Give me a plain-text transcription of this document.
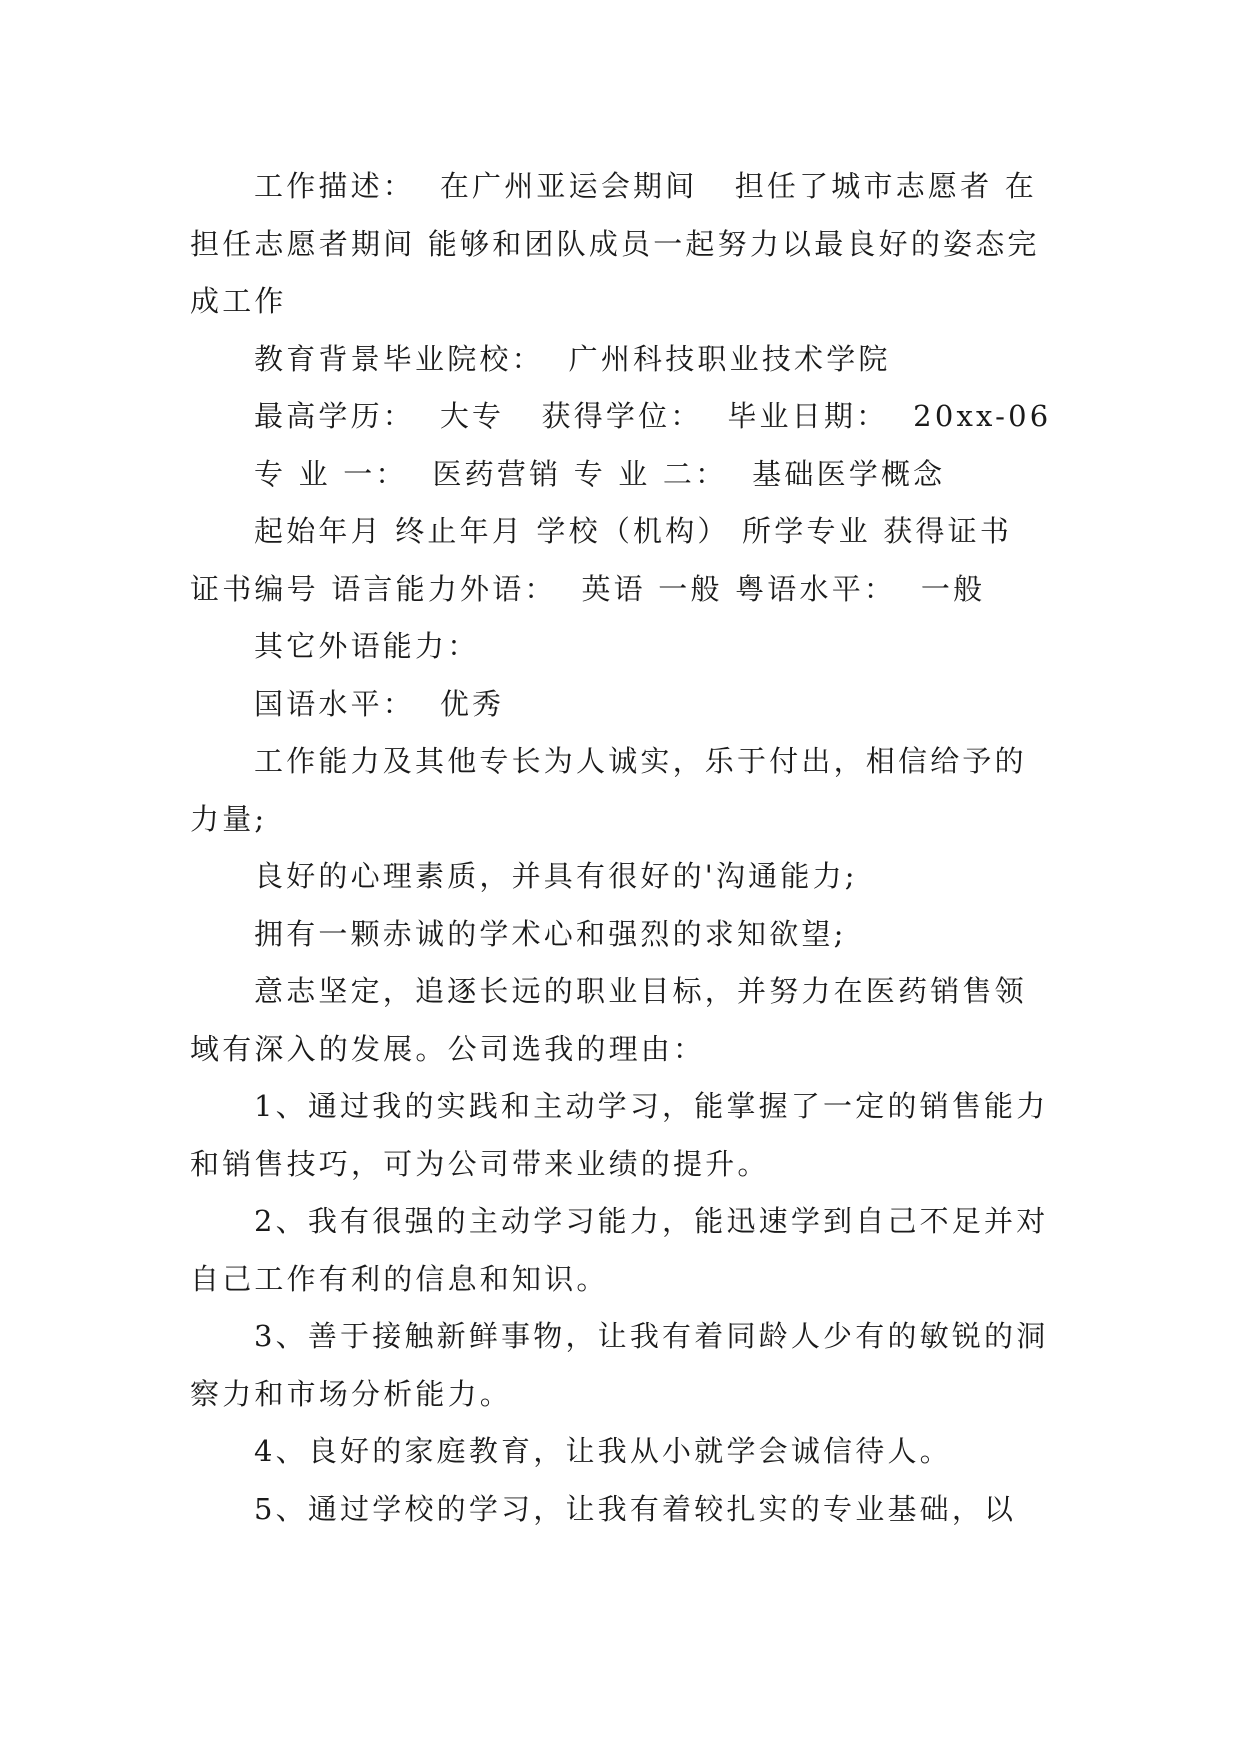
工作描述：  在广州亚运会期间   担任了城市志愿者 在担任志愿者期间 能够和团队成员一起努力以最良好的姿态完成工作

教育背景毕业院校：  广州科技职业技术学院

最高学历：  大专   获得学位：  毕业日期：  20xx-06

专 业 一：  医药营销 专 业 二：  基础医学概念

起始年月 终止年月 学校（机构） 所学专业 获得证书 证书编号 语言能力外语：  英语 一般 粤语水平：  一般

其它外语能力：

国语水平：  优秀

工作能力及其他专长为人诚实，乐于付出，相信给予的力量;

良好的心理素质，并具有很好的'沟通能力;

拥有一颗赤诚的学术心和强烈的求知欲望;

意志坚定，追逐长远的职业目标，并努力在医药销售领域有深入的发展。公司选我的理由：

1、通过我的实践和主动学习，能掌握了一定的销售能力和销售技巧，可为公司带来业绩的提升。

2、我有很强的主动学习能力，能迅速学到自己不足并对自己工作有利的信息和知识。

3、善于接触新鲜事物，让我有着同龄人少有的敏锐的洞察力和市场分析能力。

4、良好的家庭教育，让我从小就学会诚信待人。

5、通过学校的学习，让我有着较扎实的专业基础，以
